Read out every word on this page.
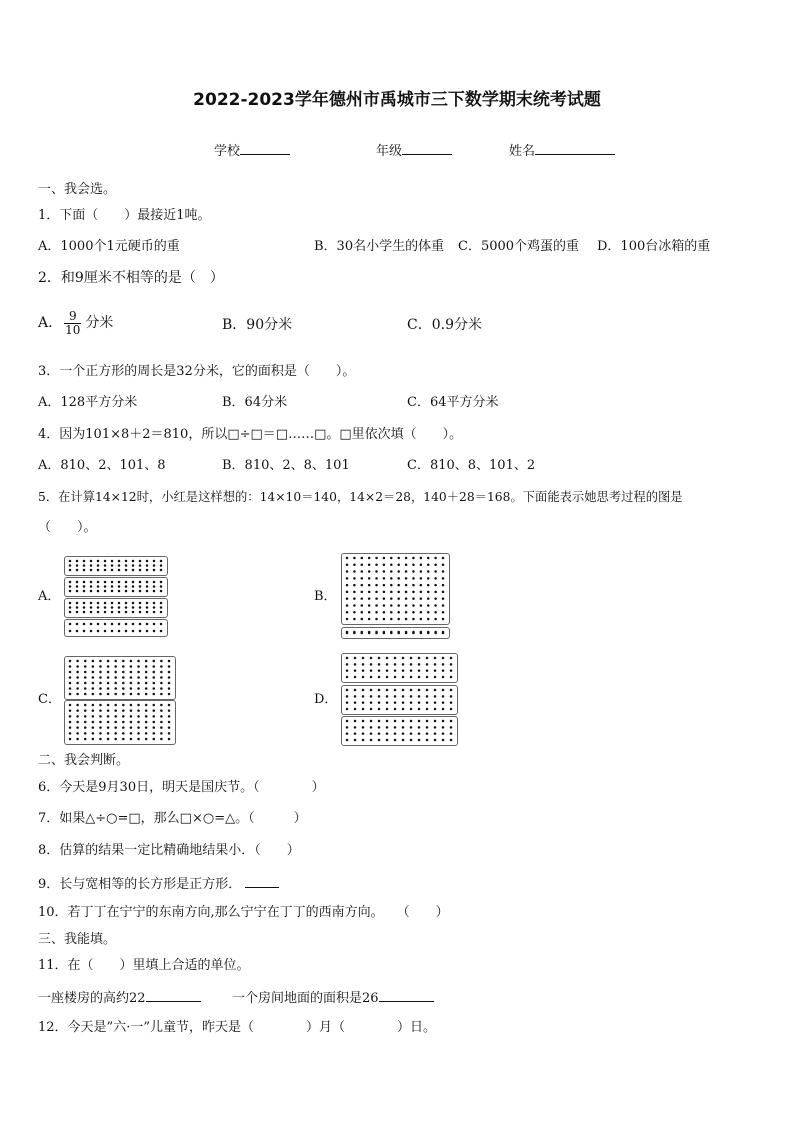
2022-2023学年德州市禹城市三下数学期末统考试题
学校	年级	姓名
一、我会选。
1．下面（　　）最接近1吨。
A．1000个1元硬币的重	B．30名小学生的体重 C．5000个鸡蛋的重 D．100台冰箱的重
2．和9厘米不相等的是（　）
A． $\frac{9}{10}$ 分米	B．90分米	C．0.9分米
3．一个正方形的周长是32分米，它的面积是（　　）。
A．128平方分米	B．64分米	C．64平方分米
4．因为101×8＋2＝810，所以□÷□＝□……□。□里依次填（　　）。
A．810、2、101、8	B．810、2、8、101	C．810、8、101、2
5．在计算14×12时，小红是这样想的：14×10＝140，14×2＝28，140＋28＝168。下面能表示她思考过程的图是
（　　）。
A．	B．
C．	D．
二、我会判断。
6．今天是9月30日，明天是国庆节。（　　　　）
7．如果△÷○=□，那么□×○=△。（　　　）
8．估算的结果一定比精确地结果小．（　　）
9．长与宽相等的长方形是正方形．
10．若丁丁在宁宁的东南方向,那么宁宁在丁丁的西南方向。　　（　　）
三、我能填。
11．在（　　）里填上合适的单位。
一座楼房的高约22	一个房间地面的面积是26
12．今天是”六·一”儿童节，昨天是（　　　　）月（　　　　）日。
